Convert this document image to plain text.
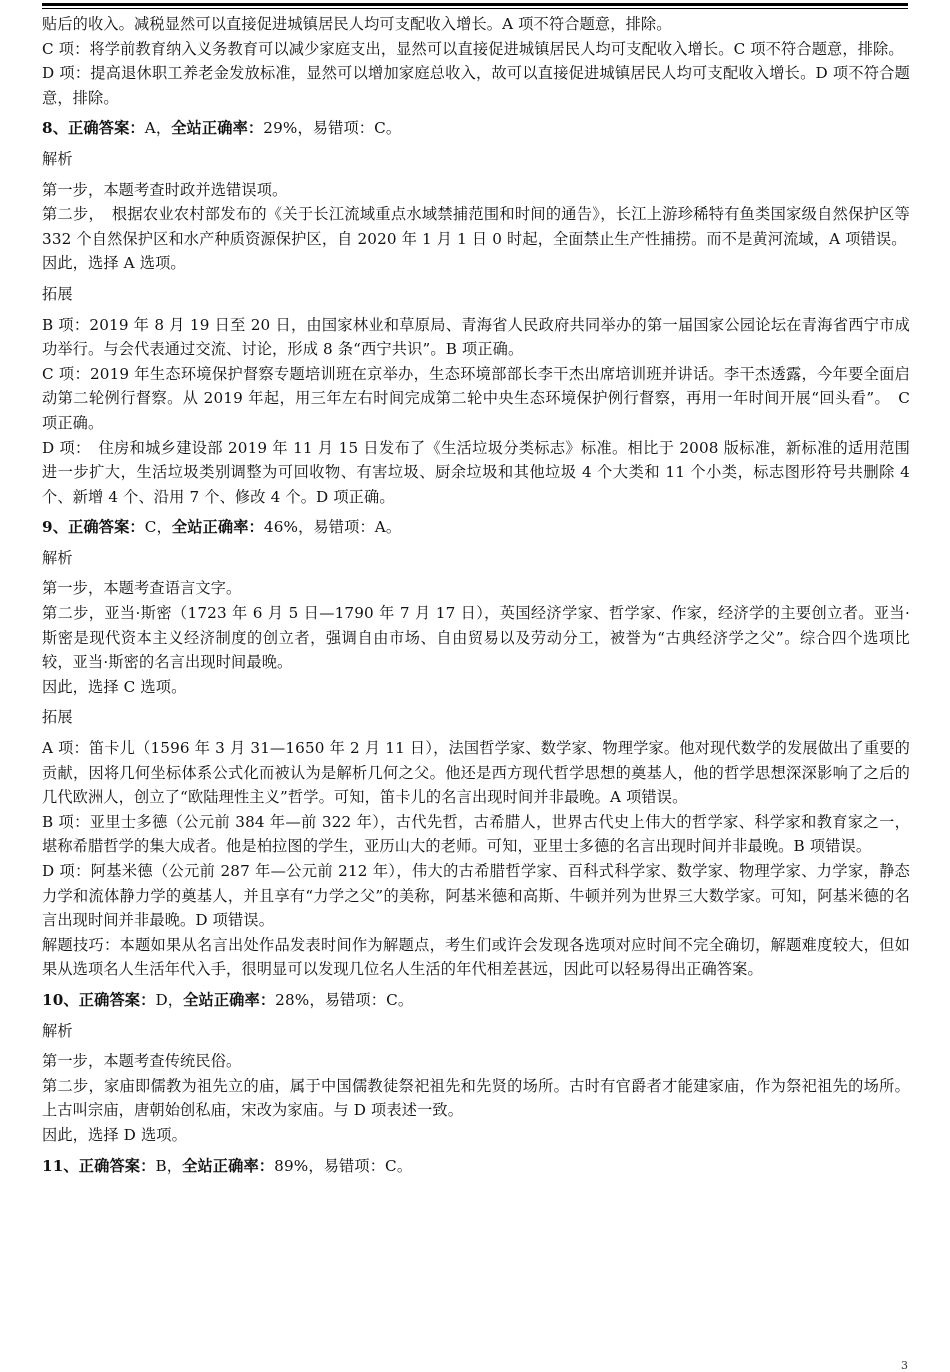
贴后的收入。减税显然可以直接促进城镇居民人均可支配收入增长。A 项不符合题意，排除。

C 项：将学前教育纳入义务教育可以减少家庭支出，显然可以直接促进城镇居民人均可支配收入增长。C 项不符合题意，排除。

D 项：提高退休职工养老金发放标准，显然可以增加家庭总收入，故可以直接促进城镇居民人均可支配收入增长。D 项不符合题意，排除。

8、正确答案：A，全站正确率：29%，易错项：C。

解析

第一步，本题考查时政并选错误项。

第二步，　根据农业农村部发布的《关于长江流域重点水域禁捕范围和时间的通告》，长江上游珍稀特有鱼类国家级自然保护区等 332 个自然保护区和水产种质资源保护区，自 2020 年 1 月 1 日 0 时起，全面禁止生产性捕捞。而不是黄河流域，A 项错误。

因此，选择 A 选项。

拓展

B 项：2019 年 8 月 19 日至 20 日，由国家林业和草原局、青海省人民政府共同举办的第一届国家公园论坛在青海省西宁市成功举行。与会代表通过交流、讨论，形成 8 条“西宁共识”。B 项正确。

C 项：2019 年生态环境保护督察专题培训班在京举办，生态环境部部长李干杰出席培训班并讲话。李干杰透露，今年要全面启动第二轮例行督察。从 2019 年起，用三年左右时间完成第二轮中央生态环境保护例行督察，再用一年时间开展“回头看”。　C 项正确。

D 项：　住房和城乡建设部 2019 年 11 月 15 日发布了《生活垃圾分类标志》标准。相比于 2008 版标准，新标准的适用范围进一步扩大，生活垃圾类别调整为可回收物、有害垃圾、厨余垃圾和其他垃圾 4 个大类和 11 个小类，标志图形符号共删除 4 个、新增 4 个、沿用 7 个、修改 4 个。D 项正确。

9、正确答案：C，全站正确率：46%，易错项：A。

解析

第一步，本题考查语言文字。

第二步，亚当·斯密（1723 年 6 月 5 日—1790 年 7 月 17 日），英国经济学家、哲学家、作家，经济学的主要创立者。亚当·斯密是现代资本主义经济制度的创立者，强调自由市场、自由贸易以及劳动分工，被誉为“古典经济学之父”。综合四个选项比较，亚当·斯密的名言出现时间最晚。

因此，选择 C 选项。

拓展

A 项：笛卡儿（1596 年 3 月 31—1650 年 2 月 11 日），法国哲学家、数学家、物理学家。他对现代数学的发展做出了重要的贡献，因将几何坐标体系公式化而被认为是解析几何之父。他还是西方现代哲学思想的奠基人，他的哲学思想深深影响了之后的几代欧洲人，创立了“欧陆理性主义”哲学。可知，笛卡儿的名言出现时间并非最晚。A 项错误。

B 项：亚里士多德（公元前 384 年—前 322 年），古代先哲，古希腊人，世界古代史上伟大的哲学家、科学家和教育家之一，堪称希腊哲学的集大成者。他是柏拉图的学生，亚历山大的老师。可知，亚里士多德的名言出现时间并非最晚。B 项错误。

D 项：阿基米德（公元前 287 年—公元前 212 年），伟大的古希腊哲学家、百科式科学家、数学家、物理学家、力学家，静态力学和流体静力学的奠基人，并且享有“力学之父”的美称，阿基米德和高斯、牛顿并列为世界三大数学家。可知，阿基米德的名言出现时间并非最晚。D 项错误。

解题技巧：本题如果从名言出处作品发表时间作为解题点，考生们或许会发现各选项对应时间不完全确切，解题难度较大，但如果从选项名人生活年代入手，很明显可以发现几位名人生活的年代相差甚远，因此可以轻易得出正确答案。

10、正确答案：D，全站正确率：28%，易错项：C。

解析

第一步，本题考查传统民俗。

第二步，家庙即儒教为祖先立的庙，属于中国儒教徒祭祀祖先和先贤的场所。古时有官爵者才能建家庙，作为祭祀祖先的场所。上古叫宗庙，唐朝始创私庙，宋改为家庙。与 D 项表述一致。

因此，选择 D 选项。

11、正确答案：B，全站正确率：89%，易错项：C。

3
